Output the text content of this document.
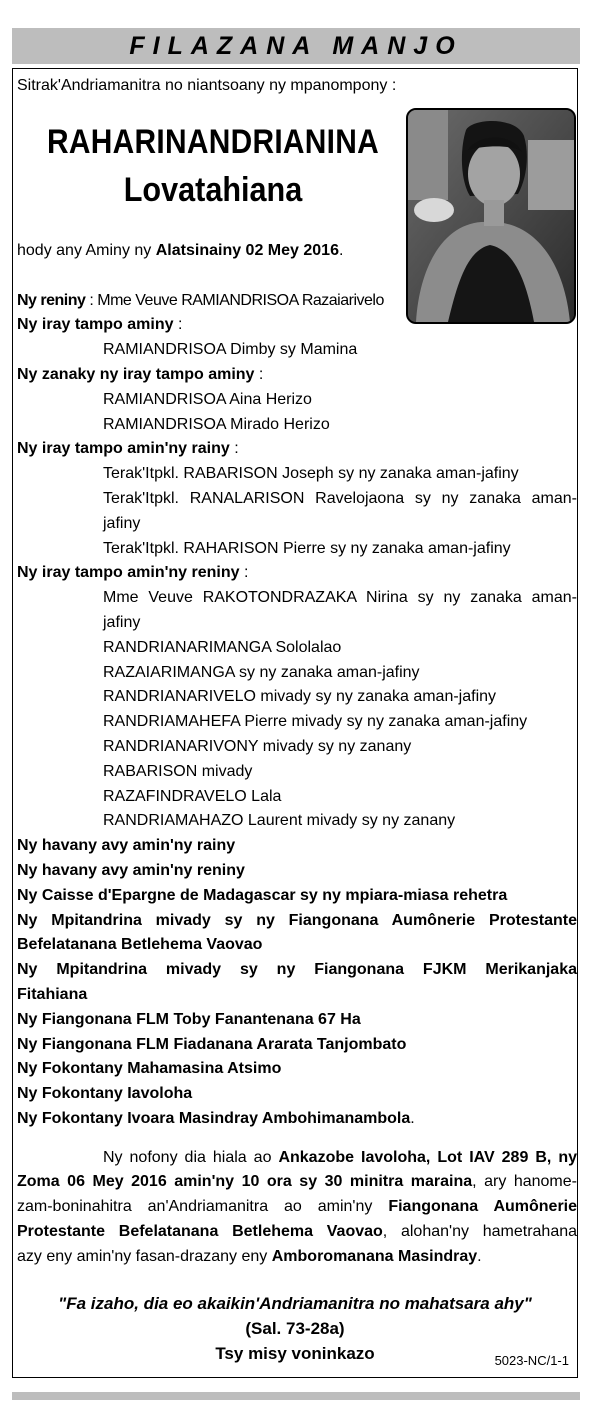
FILAZANA MANJO
Sitrak'Andriamanitra no niantsoany ny mpanompony :
RAHARINANDRIANINA
Lovatahiana
hody any Aminy ny Alatsinainy 02 Mey 2016.
Ny reniny : Mme Veuve RAMIANDRISOA Razaiarivelo
Ny iray tampo aminy :
RAMIANDRISOA Dimby sy Mamina
Ny zanaky ny iray tampo aminy :
RAMIANDRISOA Aina Herizo
RAMIANDRISOA Mirado Herizo
Ny iray tampo amin'ny rainy :
Terak'Itpkl. RABARISON Joseph sy ny zanaka aman-jafiny
Terak'Itpkl. RANALARISON Ravelojaona sy ny zanaka aman-
jafiny
Terak'Itpkl. RAHARISON Pierre sy ny zanaka aman-jafiny
Ny iray tampo amin'ny reniny :
Mme Veuve RAKOTONDRAZAKA Nirina sy ny zanaka aman-
jafiny
RANDRIANARIMANGA Sololalao
RAZAIARIMANGA sy ny zanaka aman-jafiny
RANDRIANARIVELO mivady sy ny zanaka aman-jafiny
RANDRIAMAHEFA Pierre mivady sy ny zanaka aman-jafiny
RANDRIANARIVONY mivady sy ny zanany
RABARISON mivady
RAZAFINDRAVELO Lala
RANDRIAMAHAZO Laurent mivady sy ny zanany
Ny havany avy amin'ny rainy
Ny havany avy amin'ny reniny
Ny Caisse d'Epargne de Madagascar sy ny mpiara-miasa rehetra
Ny Mpitandrina mivady sy ny Fiangonana Aumônerie Protestante
Befelatanana Betlehema Vaovao
Ny Mpitandrina mivady sy ny Fiangonana FJKM Merikanjaka
Fitahiana
Ny Fiangonana FLM Toby Fanantenana 67 Ha
Ny Fiangonana FLM Fiadanana Ararata Tanjombato
Ny Fokontany Mahamasina Atsimo
Ny Fokontany Iavoloha
Ny Fokontany Ivoara Masindray Ambohimanambola.
Ny nofony dia hiala ao Ankazobe Iavoloha, Lot IAV 289 B, ny
Zoma 06 Mey 2016 amin'ny 10 ora sy 30 minitra maraina, ary hanome-
zam-boninahitra an'Andriamanitra ao amin'ny Fiangonana Aumônerie
Protestante Befelatanana Betlehema Vaovao, alohan'ny hametrahana
azy eny amin'ny fasan-drazany eny Amboromanana Masindray.
"Fa izaho, dia eo akaikin'Andriamanitra no mahatsara ahy"
(Sal. 73-28a)
Tsy misy voninkazo	5023-NC/1-1
